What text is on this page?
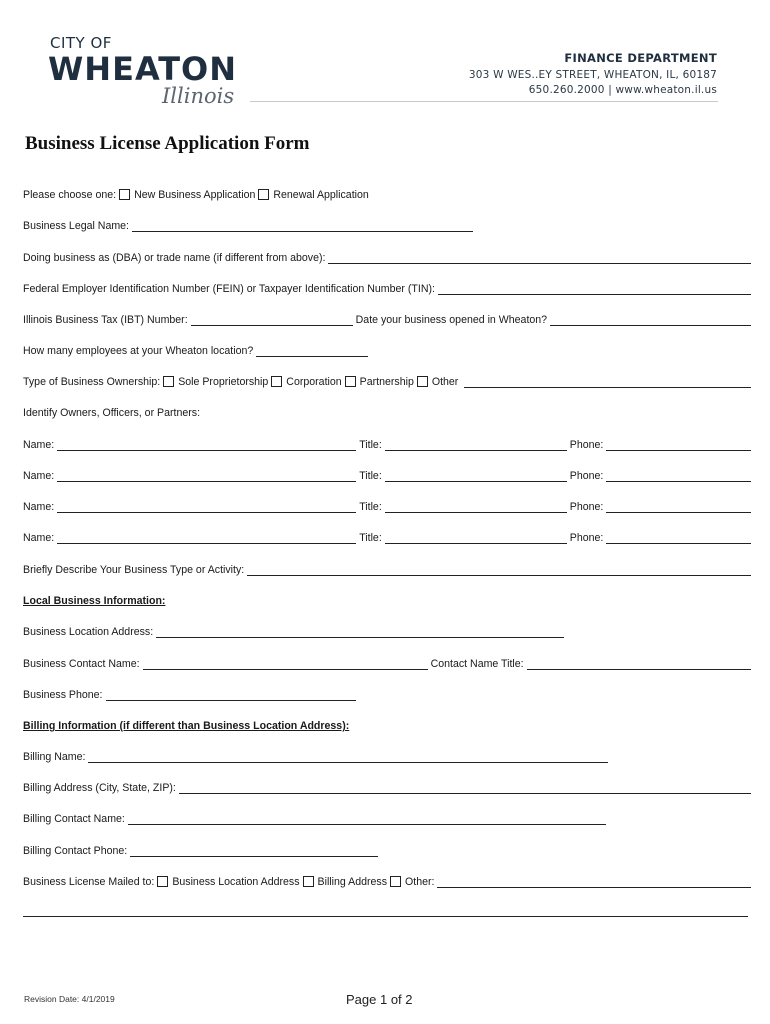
CITY OF
WHEATON
Illinois
FINANCE DEPARTMENT
303 W WES..EY STREET, WHEATON, IL, 60187
650.260.2000 | www.wheaton.il.us
Business License Application Form
Please choose one: New Business Application Renewal Application
Business Legal Name:
Doing business as (DBA) or trade name (if different from above):
Federal Employer Identification Number (FEIN) or Taxpayer Identification Number (TIN):
Illinois Business Tax (IBT) Number:	Date your business opened in Wheaton?
How many employees at your Wheaton location?
Type of Business Ownership: Sole Proprietorship Corporation Partnership Other
Identify Owners, Officers, or Partners:
Name:	Title:	Phone:
Name:	Title:	Phone:
Name:	Title:	Phone:
Name:	Title:	Phone:
Briefly Describe Your Business Type or Activity:
Local Business Information:
Business Location Address:
Business Contact Name:	Contact Name Title:
Business Phone:
Billing Information (if different than Business Location Address):
Billing Name:
Billing Address (City, State, ZIP):
Billing Contact Name:
Billing Contact Phone:
Business License Mailed to: Business Location Address Billing Address Other:
Revision Date: 4/1/2019	Page 1 of 2
